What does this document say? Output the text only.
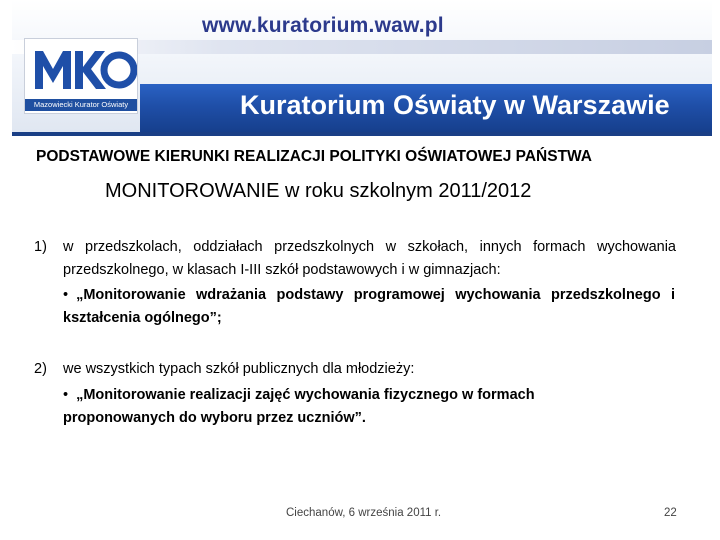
www.kuratorium.waw.pl
Mazowiecki Kurator Oświaty	Kuratorium Oświaty w Warszawie
PODSTAWOWE KIERUNKI REALIZACJI POLITYKI OŚWIATOWEJ PAŃSTWA
MONITOROWANIE w roku szkolnym 2011/2012
1) w przedszkolach, oddziałach przedszkolnych w szkołach, innych formach wychowania przedszkolnego, w klasach I-III szkół podstawowych i w gimnazjach:
• „Monitorowanie wdrażania podstawy programowej wychowania przedszkolnego i kształcenia ogólnego”;
2) we wszystkich typach szkół publicznych dla młodzieży:
• „Monitorowanie realizacji zajęć wychowania fizycznego w formach proponowanych do wyboru przez uczniów”.
Ciechanów, 6 września 2011 r.	22
